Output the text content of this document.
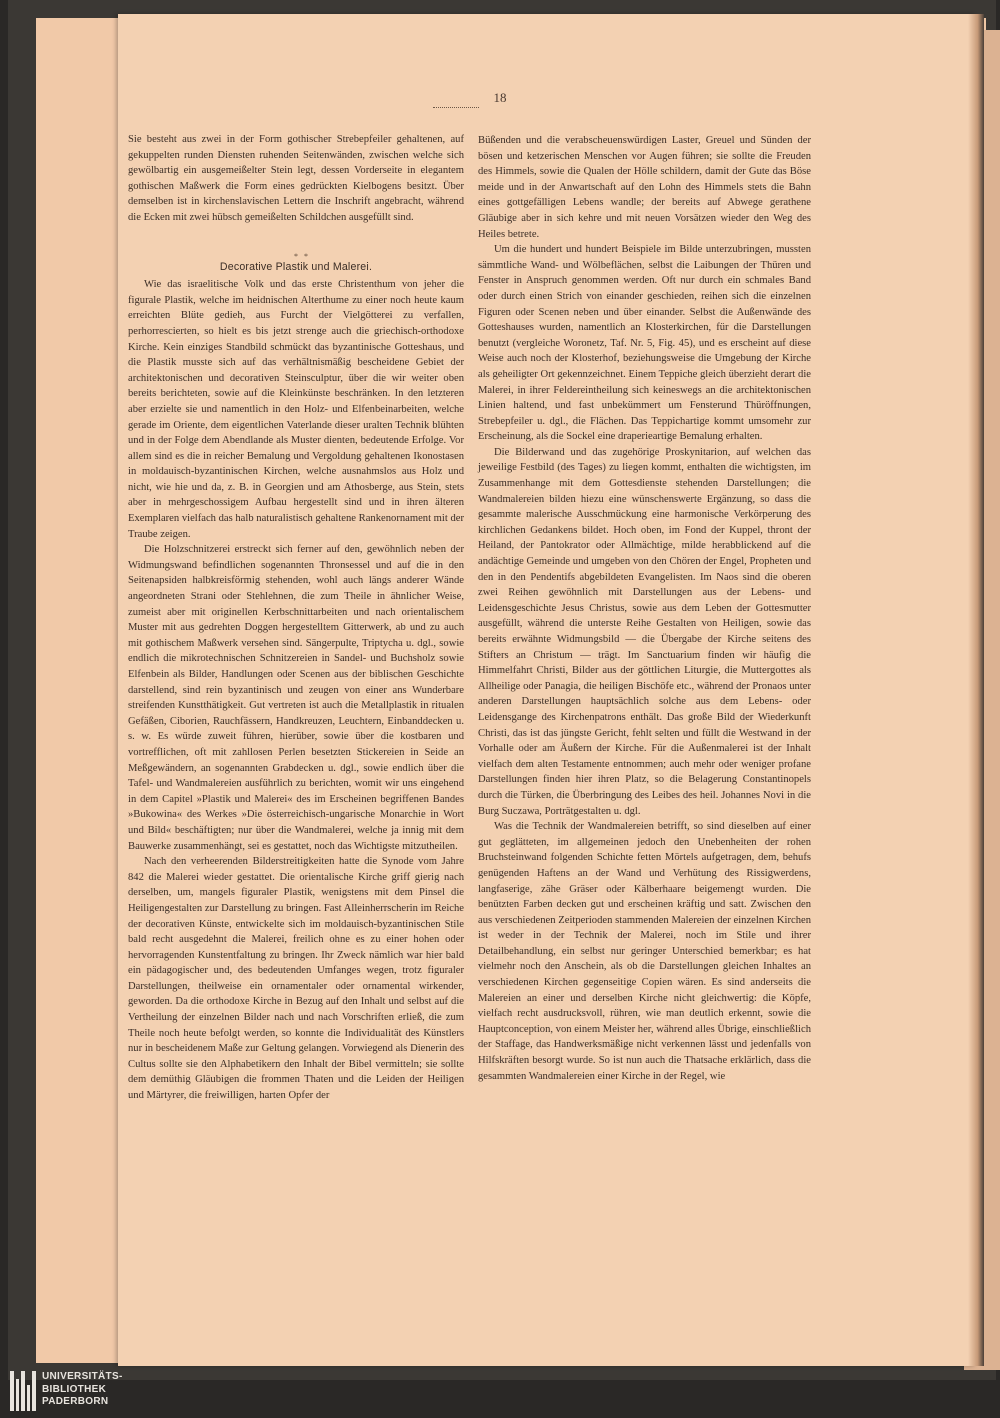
18

Sie besteht aus zwei in der Form gothischer Strebepfeiler gehaltenen, auf gekuppelten runden Diensten ruhenden Seitenwänden, zwischen welche sich gewölbartig ein ausgemeißelter Stein legt, dessen Vorderseite in elegantem gothischen Maßwerk die Form eines gedrückten Kielbogens besitzt. Über demselben ist in kirchenslavischen Lettern die Inschrift angebracht, während die Ecken mit zwei hübsch gemeißelten Schildchen ausgefüllt sind.

Decorative Plastik und Malerei.

Wie das israelitische Volk und das erste Christenthum von jeher die figurale Plastik, welche im heidnischen Alterthume zu einer noch heute kaum erreichten Blüte gedieh, aus Furcht der Vielgötterei zu verfallen, perhorrescierten, so hielt es bis jetzt strenge auch die griechisch-orthodoxe Kirche. Kein einziges Standbild schmückt das byzantinische Gotteshaus, und die Plastik musste sich auf das verhältnismäßig bescheidene Gebiet der architektonischen und decorativen Steinsculptur, über die wir weiter oben bereits berichteten, sowie auf die Kleinkünste beschränken. In den letzteren aber erzielte sie und namentlich in den Holz- und Elfenbeinarbeiten, welche gerade im Oriente, dem eigentlichen Vaterlande dieser uralten Technik blühten und in der Folge dem Abendlande als Muster dienten, bedeutende Erfolge. Vor allem sind es die in reicher Bemalung und Vergoldung gehaltenen Ikonostasen in moldauisch-byzantinischen Kirchen, welche ausnahmslos aus Holz und nicht, wie hie und da, z. B. in Georgien und am Athosberge, aus Stein, stets aber in mehrgeschossigem Aufbau hergestellt sind und in ihren älteren Exemplaren vielfach das halb naturalistisch gehaltene Rankenornament mit der Traube zeigen.

Die Holzschnitzerei erstreckt sich ferner auf den, gewöhnlich neben der Widmungswand befindlichen sogenannten Thronsessel und auf die in den Seitenapsiden halbkreisförmig stehenden, wohl auch längs anderer Wände angeordneten Strani oder Stehlehnen, die zum Theile in ähnlicher Weise, zumeist aber mit originellen Kerbschnittarbeiten und nach orientalischem Muster mit aus gedrehten Doggen hergestelltem Gitterwerk, ab und zu auch mit gothischem Maßwerk versehen sind. Sängerpulte, Triptycha u. dgl., sowie endlich die mikrotechnischen Schnitzereien in Sandel- und Buchsholz sowie Elfenbein als Bilder, Handlungen oder Scenen aus der biblischen Geschichte darstellend, sind rein byzantinisch und zeugen von einer ans Wunderbare streifenden Kunstthätigkeit. Gut vertreten ist auch die Metallplastik in ritualen Gefäßen, Ciborien, Rauchfässern, Handkreuzen, Leuchtern, Einbanddecken u. s. w. Es würde zuweit führen, hierüber, sowie über die kostbaren und vortrefflichen, oft mit zahllosen Perlen besetzten Stickereien in Seide an Meßgewändern, an sogenannten Grabdecken u. dgl., sowie endlich über die Tafel- und Wandmalereien ausführlich zu berichten, womit wir uns eingehend in dem Capitel »Plastik und Malerei« des im Erscheinen begriffenen Bandes »Bukowina« des Werkes »Die österreichisch-ungarische Monarchie in Wort und Bild« beschäftigten; nur über die Wandmalerei, welche ja innig mit dem Bauwerke zusammenhängt, sei es gestattet, noch das Wichtigste mitzutheilen.

Nach den verheerenden Bilderstreitigkeiten hatte die Synode vom Jahre 842 die Malerei wieder gestattet. Die orientalische Kirche griff gierig nach derselben, um, mangels figuraler Plastik, wenigstens mit dem Pinsel die Heiligengestalten zur Darstellung zu bringen. Fast Alleinherrscherin im Reiche der decorativen Künste, entwickelte sich im moldauisch-byzantinischen Stile bald recht ausgedehnt die Malerei, freilich ohne es zu einer hohen oder hervorragenden Kunstentfaltung zu bringen. Ihr Zweck nämlich war hier bald ein pädagogischer und, des bedeutenden Umfanges wegen, trotz figuraler Darstellungen, theilweise ein ornamentaler oder ornamental wirkender, geworden. Da die orthodoxe Kirche in Bezug auf den Inhalt und selbst auf die Vertheilung der einzelnen Bilder nach und nach Vorschriften erließ, die zum Theile noch heute befolgt werden, so konnte die Individualität des Künstlers nur in bescheidenem Maße zur Geltung gelangen. Vorwiegend als Dienerin des Cultus sollte sie den Alphabetikern den Inhalt der Bibel vermitteln; sie sollte dem demüthig Gläubigen die frommen Thaten und die Leiden der Heiligen und Märtyrer, die freiwilligen, harten Opfer der

* *

Büßenden und die verabscheuenswürdigen Laster, Greuel und Sünden der bösen und ketzerischen Menschen vor Augen führen; sie sollte die Freuden des Himmels, sowie die Qualen der Hölle schildern, damit der Gute das Böse meide und in der Anwartschaft auf den Lohn des Himmels stets die Bahn eines gottgefälligen Lebens wandle; der bereits auf Abwege gerathene Gläubige aber in sich kehre und mit neuen Vorsätzen wieder den Weg des Heiles betrete.

Um die hundert und hundert Beispiele im Bilde unterzubringen, mussten sämmtliche Wand- und Wölbeflächen, selbst die Laibungen der Thüren und Fenster in Anspruch genommen werden. Oft nur durch ein schmales Band oder durch einen Strich von einander geschieden, reihen sich die einzelnen Figuren oder Scenen neben und über einander. Selbst die Außenwände des Gotteshauses wurden, namentlich an Klosterkirchen, für die Darstellungen benutzt (vergleiche Woronetz, Taf. Nr. 5, Fig. 45), und es erscheint auf diese Weise auch noch der Klosterhof, beziehungsweise die Umgebung der Kirche als geheiligter Ort gekennzeichnet. Einem Teppiche gleich überzieht derart die Malerei, in ihrer Feldereintheilung sich keineswegs an die architektonischen Linien haltend, und fast unbekümmert um Fensterund Thüröffnungen, Strebepfeiler u. dgl., die Flächen. Das Teppichartige kommt umsomehr zur Erscheinung, als die Sockel eine draperieartige Bemalung erhalten.

Die Bilderwand und das zugehörige Proskynitarion, auf welchen das jeweilige Festbild (des Tages) zu liegen kommt, enthalten die wichtigsten, im Zusammenhange mit dem Gottesdienste stehenden Darstellungen; die Wandmalereien bilden hiezu eine wünschenswerte Ergänzung, so dass die gesammte malerische Ausschmückung eine harmonische Verkörperung des kirchlichen Gedankens bildet. Hoch oben, im Fond der Kuppel, thront der Heiland, der Pantokrator oder Allmächtige, milde herabblickend auf die andächtige Gemeinde und umgeben von den Chören der Engel, Propheten und den in den Pendentifs abgebildeten Evangelisten. Im Naos sind die oberen zwei Reihen gewöhnlich mit Darstellungen aus der Lebens- und Leidensgeschichte Jesus Christus, sowie aus dem Leben der Gottesmutter ausgefüllt, während die unterste Reihe Gestalten von Heiligen, sowie das bereits erwähnte Widmungsbild — die Übergabe der Kirche seitens des Stifters an Christum — trägt. Im Sanctuarium finden wir häufig die Himmelfahrt Christi, Bilder aus der göttlichen Liturgie, die Muttergottes als Allheilige oder Panagia, die heiligen Bischöfe etc., während der Pronaos unter anderen Darstellungen hauptsächlich solche aus dem Lebens- oder Leidensgange des Kirchenpatrons enthält. Das große Bild der Wiederkunft Christi, das ist das jüngste Gericht, fehlt selten und füllt die Westwand in der Vorhalle oder am Äußern der Kirche. Für die Außenmalerei ist der Inhalt vielfach dem alten Testamente entnommen; auch mehr oder weniger profane Darstellungen finden hier ihren Platz, so die Belagerung Constantinopels durch die Türken, die Überbringung des Leibes des heil. Johannes Novi in die Burg Suczawa, Porträtgestalten u. dgl.

Was die Technik der Wandmalereien betrifft, so sind dieselben auf einer gut geglätteten, im allgemeinen jedoch den Unebenheiten der rohen Bruchsteinwand folgenden Schichte fetten Mörtels aufgetragen, dem, behufs genügenden Haftens an der Wand und Verhütung des Rissigwerdens, langfaserige, zähe Gräser oder Kälberhaare beigemengt wurden. Die benützten Farben decken gut und erscheinen kräftig und satt. Zwischen den aus verschiedenen Zeitperioden stammenden Malereien der einzelnen Kirchen ist weder in der Technik der Malerei, noch im Stile und ihrer Detailbehandlung, ein selbst nur geringer Unterschied bemerkbar; es hat vielmehr noch den Anschein, als ob die Darstellungen gleichen Inhaltes an verschiedenen Kirchen gegenseitige Copien wären. Es sind anderseits die Malereien an einer und derselben Kirche nicht gleichwertig: die Köpfe, vielfach recht ausdrucksvoll, rühren, wie man deutlich erkennt, sowie die Hauptconception, von einem Meister her, während alles Übrige, einschließlich der Staffage, das Handwerksmäßige nicht verkennen lässt und jedenfalls von Hilfskräften besorgt wurde. So ist nun auch die Thatsache erklärlich, dass die gesammten Wandmalereien einer Kirche in der Regel, wie

UNIVERSITÄTS-
BIBLIOTHEK
PADERBORN
